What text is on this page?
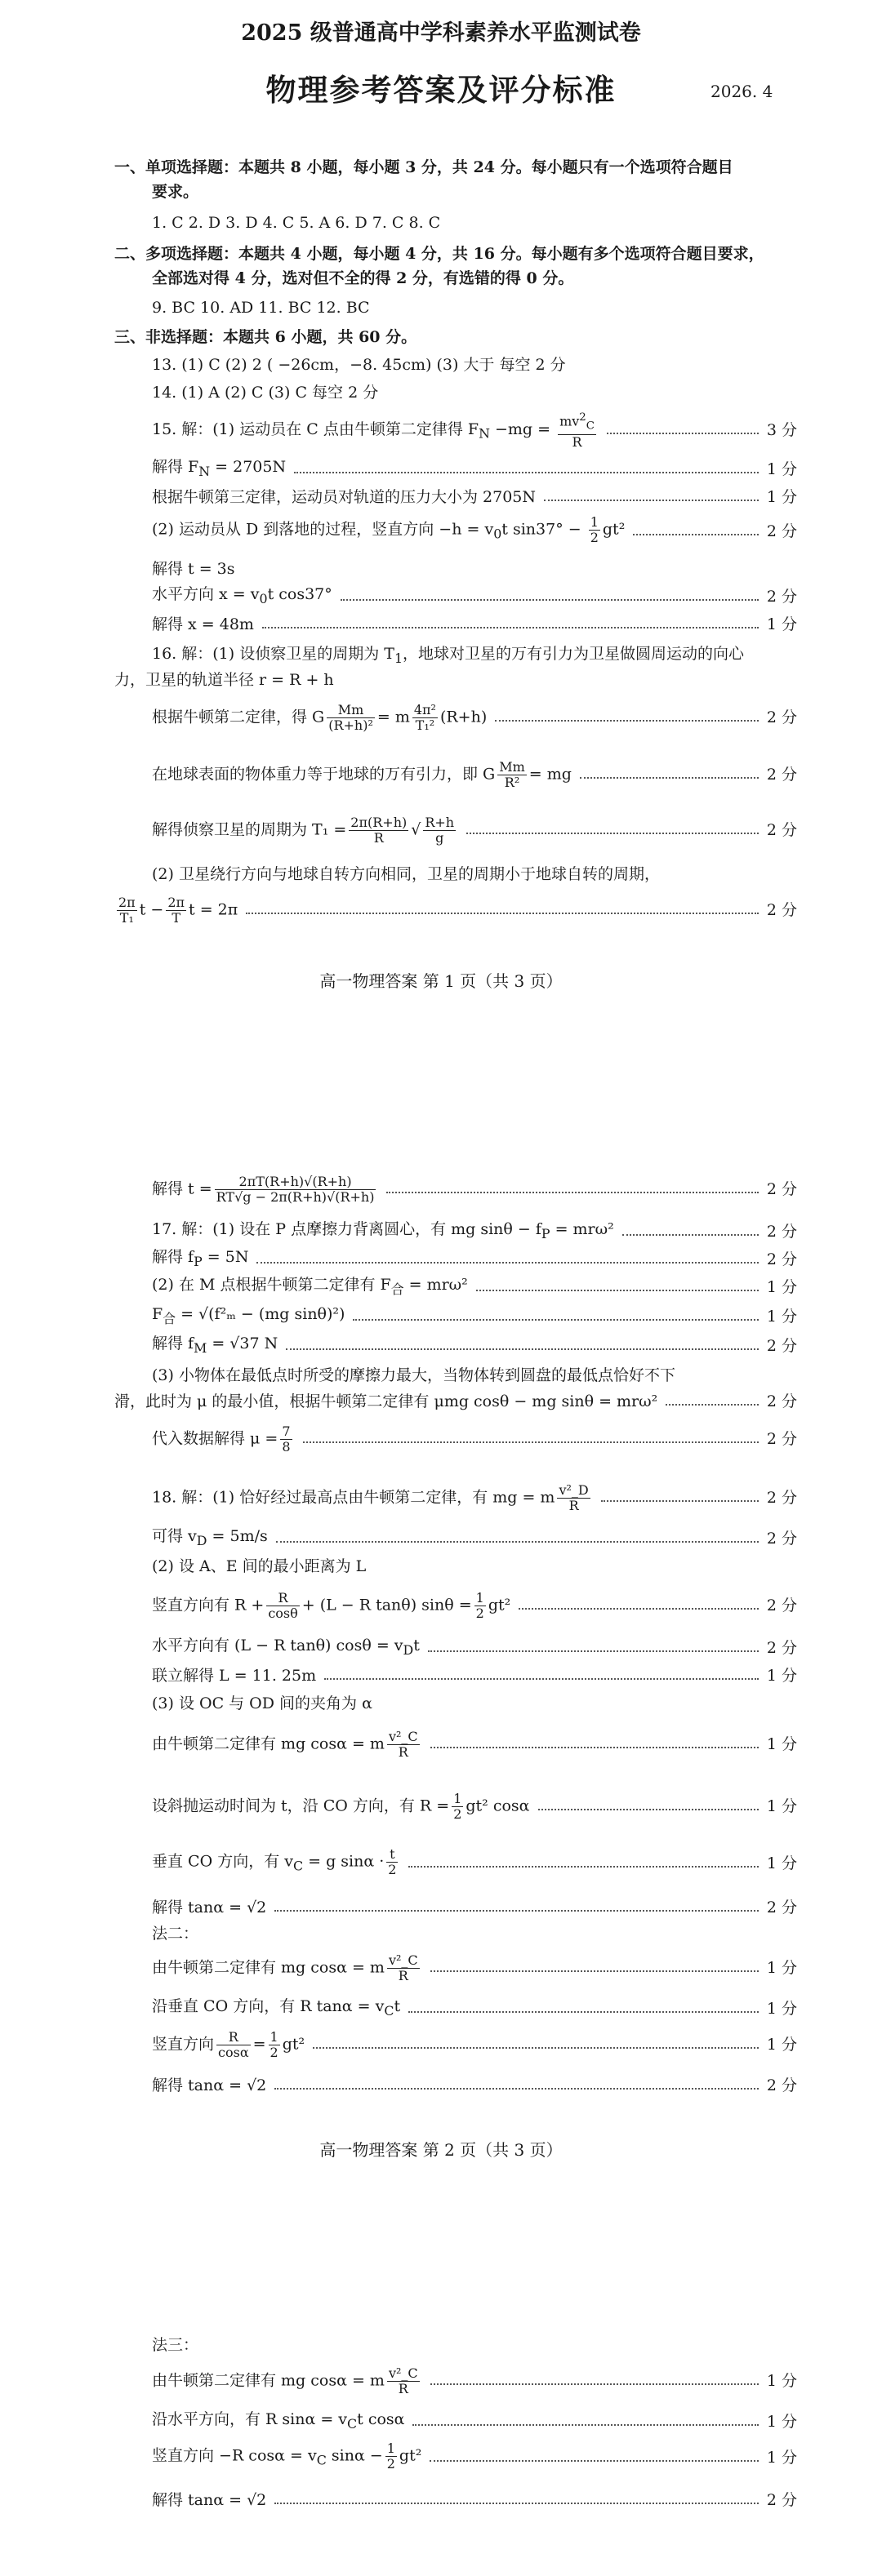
2025 级普通高中学科素养水平监测试卷
物理参考答案及评分标准	2026. 4
一、单项选择题：本题共 8 小题，每小题 3 分，共 24 分。每小题只有一个选项符合题目
要求。
1. C 2. D 3. D 4. C 5. A 6. D 7. C 8. C
二、多项选择题：本题共 4 小题，每小题 4 分，共 16 分。每小题有多个选项符合题目要求，
全部选对得 4 分，选对但不全的得 2 分，有选错的得 0 分。
9. BC 10. AD 11. BC 12. BC
三、非选择题：本题共 6 小题，共 60 分。
13. (1) C (2) 2 ( −26cm，−8. 45cm) (3) 大于 每空 2 分
14. (1) A (2) C (3) C 每空 2 分
15. 解：(1) 运动员在 C 点由牛顿第二定律得 $F_N -mg = \frac{mv^2_C}{R}$	3 分
解得 $F_N = 2705N$	1 分
根据牛顿第三定律，运动员对轨道的压力大小为 2705N	1 分
(2) 运动员从 D 到落地的过程，竖直方向 $-h = v_0t$ $\sin 37^\circ - \frac{1}{2} gt^2$	2 分
解得 t = 3s
水平方向 $x = v_0t$ cos37°	2 分
解得 x = 48m	1 分
16. 解：(1) 设侦察卫星的周期为 $T_1$，地球对卫星的万有引力为卫星做圆周运动的向心
力，卫星的轨道半径 r = R + h
根据牛顿第二定律，得 G $\frac{Mm}{\text{(R+h)²}} = m \frac{\text{4π²}}{\text{T₁²}} (R+h)$	2 分
在地球表面的物体重力等于地球的万有引力，即 G $\frac{Mm}{\text{R²}}$ = mg	2 分
解得侦察卫星的周期为 $T_1 = \frac{2\pi(R+h)}{R}$ √ $\frac{R+h}{g}$	2 分
(2) 卫星绕行方向与地球自转方向相同，卫星的周期小于地球自转的周期，
$\frac{2\pi}{\text{T₁}}$ $t - \frac{2\pi}{T}$ t = 2π	2 分
高一物理答案 第 1 页（共 3 页）
解得 $t = \frac{2\pi T(R+h)√(R+h)}{RT√g - 2\pi(R+h)√(R+h)}$	2 分
17. 解：(1) 设在 P 点摩擦力背离圆心，有 mg $\sin\theta - f_P = mr\omega^2$	2 分
解得 $f_P = 5N$	2 分
(2) 在 M 点根据牛顿第二定律有 $F_合 = mr\omega^2$	1 分
$F_合 = √(f^2_m - (mg$ sinθ)²)	1 分
解得 $f_M = √37$ N	2 分
(3) 小物体在最低点时所受的摩擦力最大，当物体转到圆盘的最低点恰好不下
滑，此时为 μ 的最小值，根据牛顿第二定律有 μmg cosθ − mg sinθ = mrω²	2 分
代入数据解得 $\mu = \frac{7}{8}$	2 分
18. 解：(1) 恰好经过最高点由牛顿第二定律，有 mg = m $\frac{\text{v²\_D}}{R}$	2 分
可得 $v_D = 5m/s$	2 分
(2) 设 A、E 间的最小距离为 L
竖直方向有 $R + \frac{R}{\cos\theta} + (L - R$ tanθ) $\sin\theta = \frac{1}{2} gt^2$	2 分
水平方向有 (L − R tanθ) $\cos\theta = v_Dt$	2 分
联立解得 L = 11. 25m	1 分
(3) 设 OC 与 OD 间的夹角为 α
由牛顿第二定律有 mg cosα = m $\frac{\text{v²\_C}}{R}$	1 分
设斜抛运动时间为 t，沿 CO 方向，有 $R = \frac{1}{2} gt^2$ cosα	1 分
垂直 CO 方向，有 $v_C = g$ $\sin\alpha \cdot \frac{t}{2}$	1 分
解得 tanα = √2	2 分
法二：
由牛顿第二定律有 mg cosα = m $\frac{\text{v²\_C}}{R}$	1 分
沿垂直 CO 方向，有 R $\tan\alpha = v_Ct$	1 分
竖直方向 $\frac{R}{\cos\alpha} = \frac{1}{2} gt^2$	1 分
解得 tanα = √2	2 分
高一物理答案 第 2 页（共 3 页）
法三：
由牛顿第二定律有 mg cosα = m $\frac{\text{v²\_C}}{R}$	1 分
沿水平方向，有 R $\sin\alpha = v_Ct$ cosα	1 分
竖直方向 −R $\cos\alpha = v_C$ $\sin\alpha - \frac{1}{2} gt^2$	1 分
解得 tanα = √2	2 分
